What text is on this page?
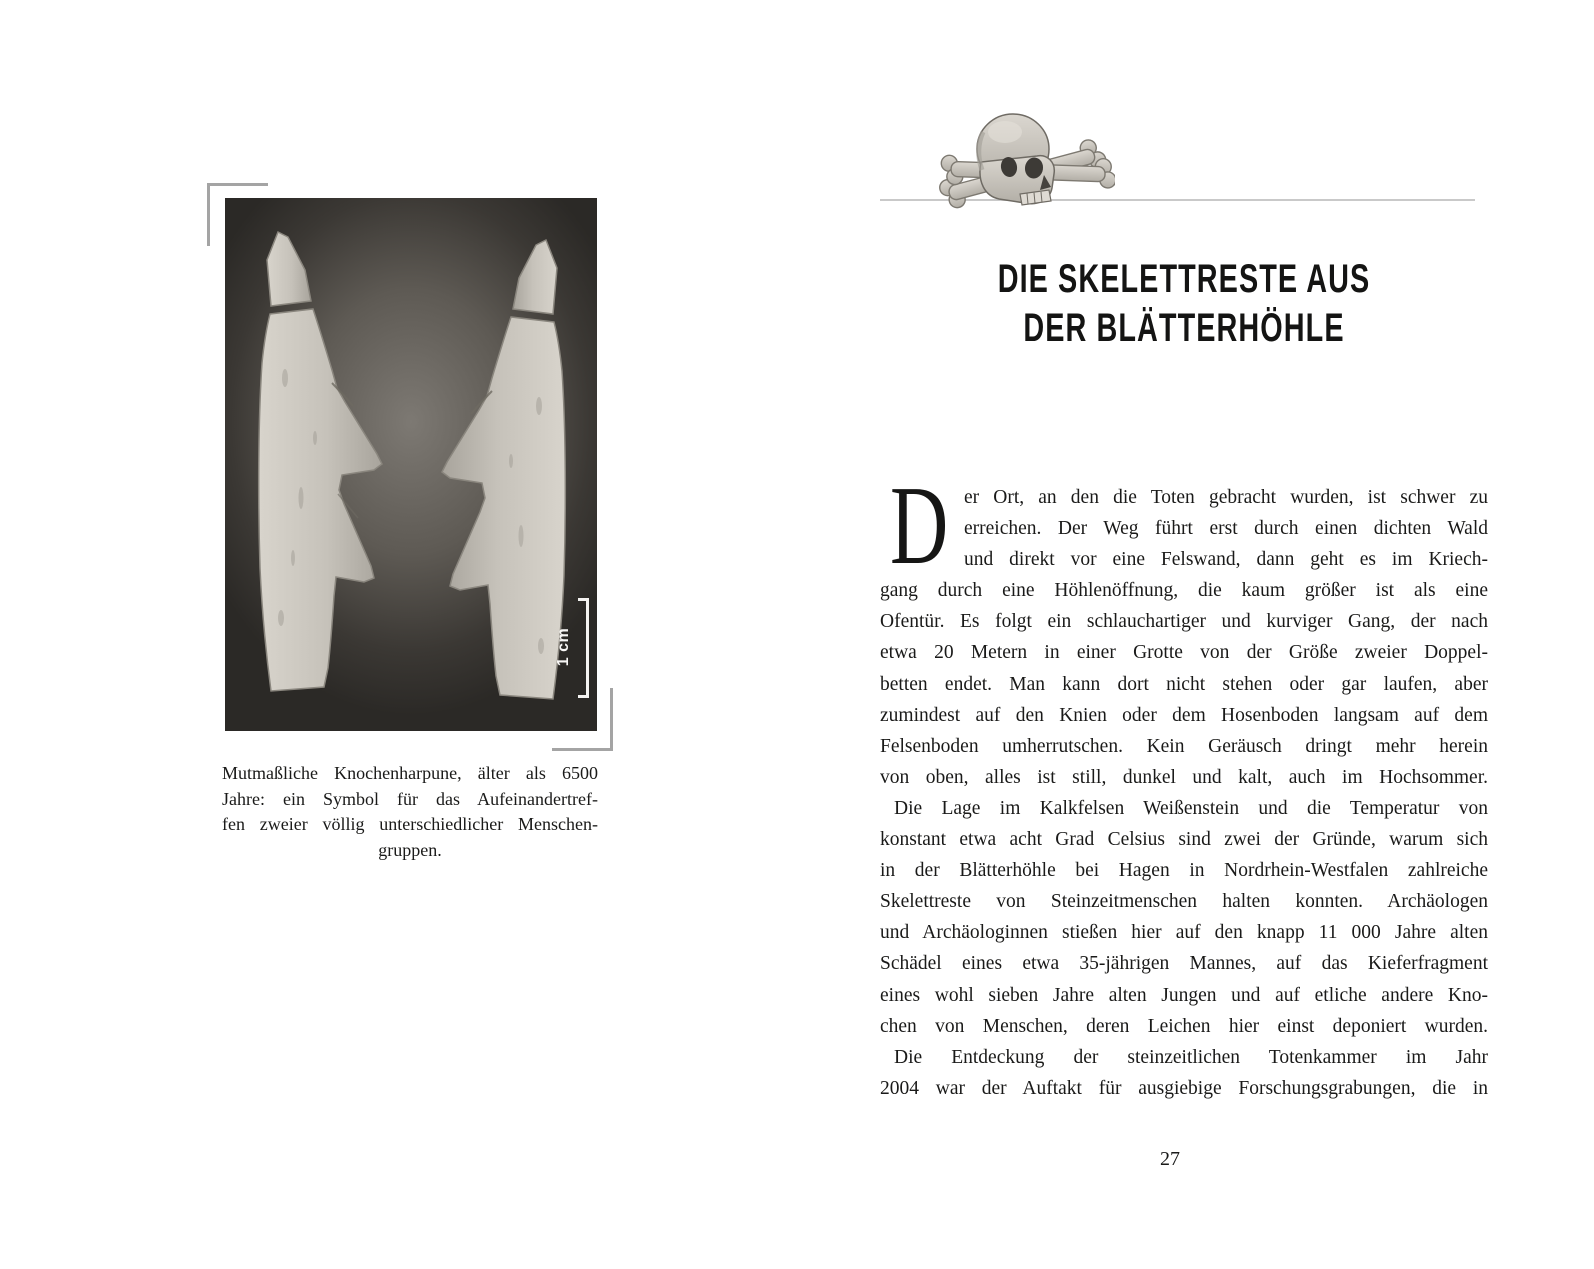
1 cm
Mutmaßliche Knochenharpune, älter als 6500
Jahre: ein Symbol für das Aufeinandertref-
fen zweier völlig unterschiedlicher Menschen-
gruppen.
DIE SKELETTRESTE AUS
DER BLÄTTERHÖHLE
D er Ort, an den die Toten gebracht wurden, ist schwer zu
erreichen. Der Weg führt erst durch einen dichten Wald
und direkt vor eine Felswand, dann geht es im Kriech-
gang durch eine Höhlenöffnung, die kaum größer ist als eine
Ofentür. Es folgt ein schlauchartiger und kurviger Gang, der nach
etwa 20 Metern in einer Grotte von der Größe zweier Doppel-
betten endet. Man kann dort nicht stehen oder gar laufen, aber
zumindest auf den Knien oder dem Hosenboden langsam auf dem
Felsenboden umherrutschen. Kein Geräusch dringt mehr herein
von oben, alles ist still, dunkel und kalt, auch im Hochsommer.
Die Lage im Kalkfelsen Weißenstein und die Temperatur von
konstant etwa acht Grad Celsius sind zwei der Gründe, warum sich
in der Blätterhöhle bei Hagen in Nordrhein-Westfalen zahlreiche
Skelettreste von Steinzeitmenschen halten konnten. Archäologen
und Archäologinnen stießen hier auf den knapp 11 000 Jahre alten
Schädel eines etwa 35-jährigen Mannes, auf das Kieferfragment
eines wohl sieben Jahre alten Jungen und auf etliche andere Kno-
chen von Menschen, deren Leichen hier einst deponiert wurden.
Die Entdeckung der steinzeitlichen Totenkammer im Jahr
2004 war der Auftakt für ausgiebige Forschungsgrabungen, die in
27
